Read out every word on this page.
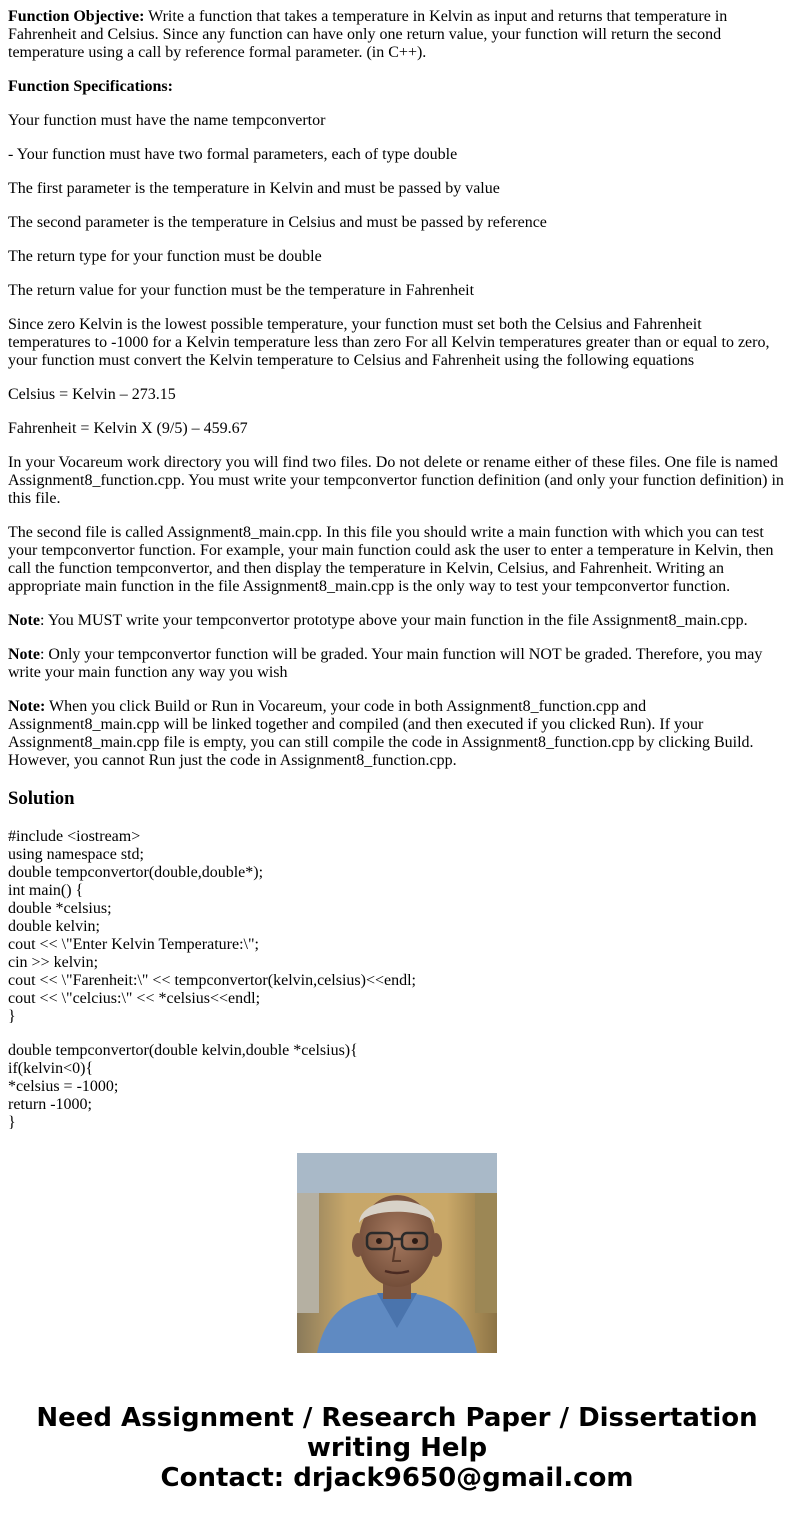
Function Objective: Write a function that takes a temperature in Kelvin as input and returns that temperature in Fahrenheit and Celsius. Since any function can have only one return value, your function will return the second temperature using a call by reference formal parameter. (in C++).

Function Specifications:

Your function must have the name tempconvertor

- Your function must have two formal parameters, each of type double

The first parameter is the temperature in Kelvin and must be passed by value

The second parameter is the temperature in Celsius and must be passed by reference

The return type for your function must be double

The return value for your function must be the temperature in Fahrenheit

Since zero Kelvin is the lowest possible temperature, your function must set both the Celsius and Fahrenheit temperatures to -1000 for a Kelvin temperature less than zero For all Kelvin temperatures greater than or equal to zero, your function must convert the Kelvin temperature to Celsius and Fahrenheit using the following equations

Celsius = Kelvin – 273.15

Fahrenheit = Kelvin X (9/5) – 459.67

In your Vocareum work directory you will find two files. Do not delete or rename either of these files. One file is named Assignment8_function.cpp. You must write your tempconvertor function definition (and only your function definition) in this file.

The second file is called Assignment8_main.cpp. In this file you should write a main function with which you can test your tempconvertor function. For example, your main function could ask the user to enter a temperature in Kelvin, then call the function tempconvertor, and then display the temperature in Kelvin, Celsius, and Fahrenheit. Writing an appropriate main function in the file Assignment8_main.cpp is the only way to test your tempconvertor function.

Note: You MUST write your tempconvertor prototype above your main function in the file Assignment8_main.cpp.

Note: Only your tempconvertor function will be graded. Your main function will NOT be graded. Therefore, you may write your main function any way you wish

Note: When you click Build or Run in Vocareum, your code in both Assignment8_function.cpp and Assignment8_main.cpp will be linked together and compiled (and then executed if you clicked Run). If your Assignment8_main.cpp file is empty, you can still compile the code in Assignment8_function.cpp by clicking Build. However, you cannot Run just the code in Assignment8_function.cpp.

Solution
#include <iostream>
using namespace std;
double tempconvertor(double,double*);
int main() {
double *celsius;
double kelvin;
cout << \"Enter Kelvin Temperature:\";
cin >> kelvin;
cout << \"Farenheit:\" << tempconvertor(kelvin,celsius)<<endl;
cout << \"celcius:\" << *celsius<<endl;
}
double tempconvertor(double kelvin,double *celsius){
if(kelvin<0){
*celsius = -1000;
return -1000;
}
Need Assignment / Research Paper / Dissertation
writing Help
Contact: drjack9650@gmail.com
